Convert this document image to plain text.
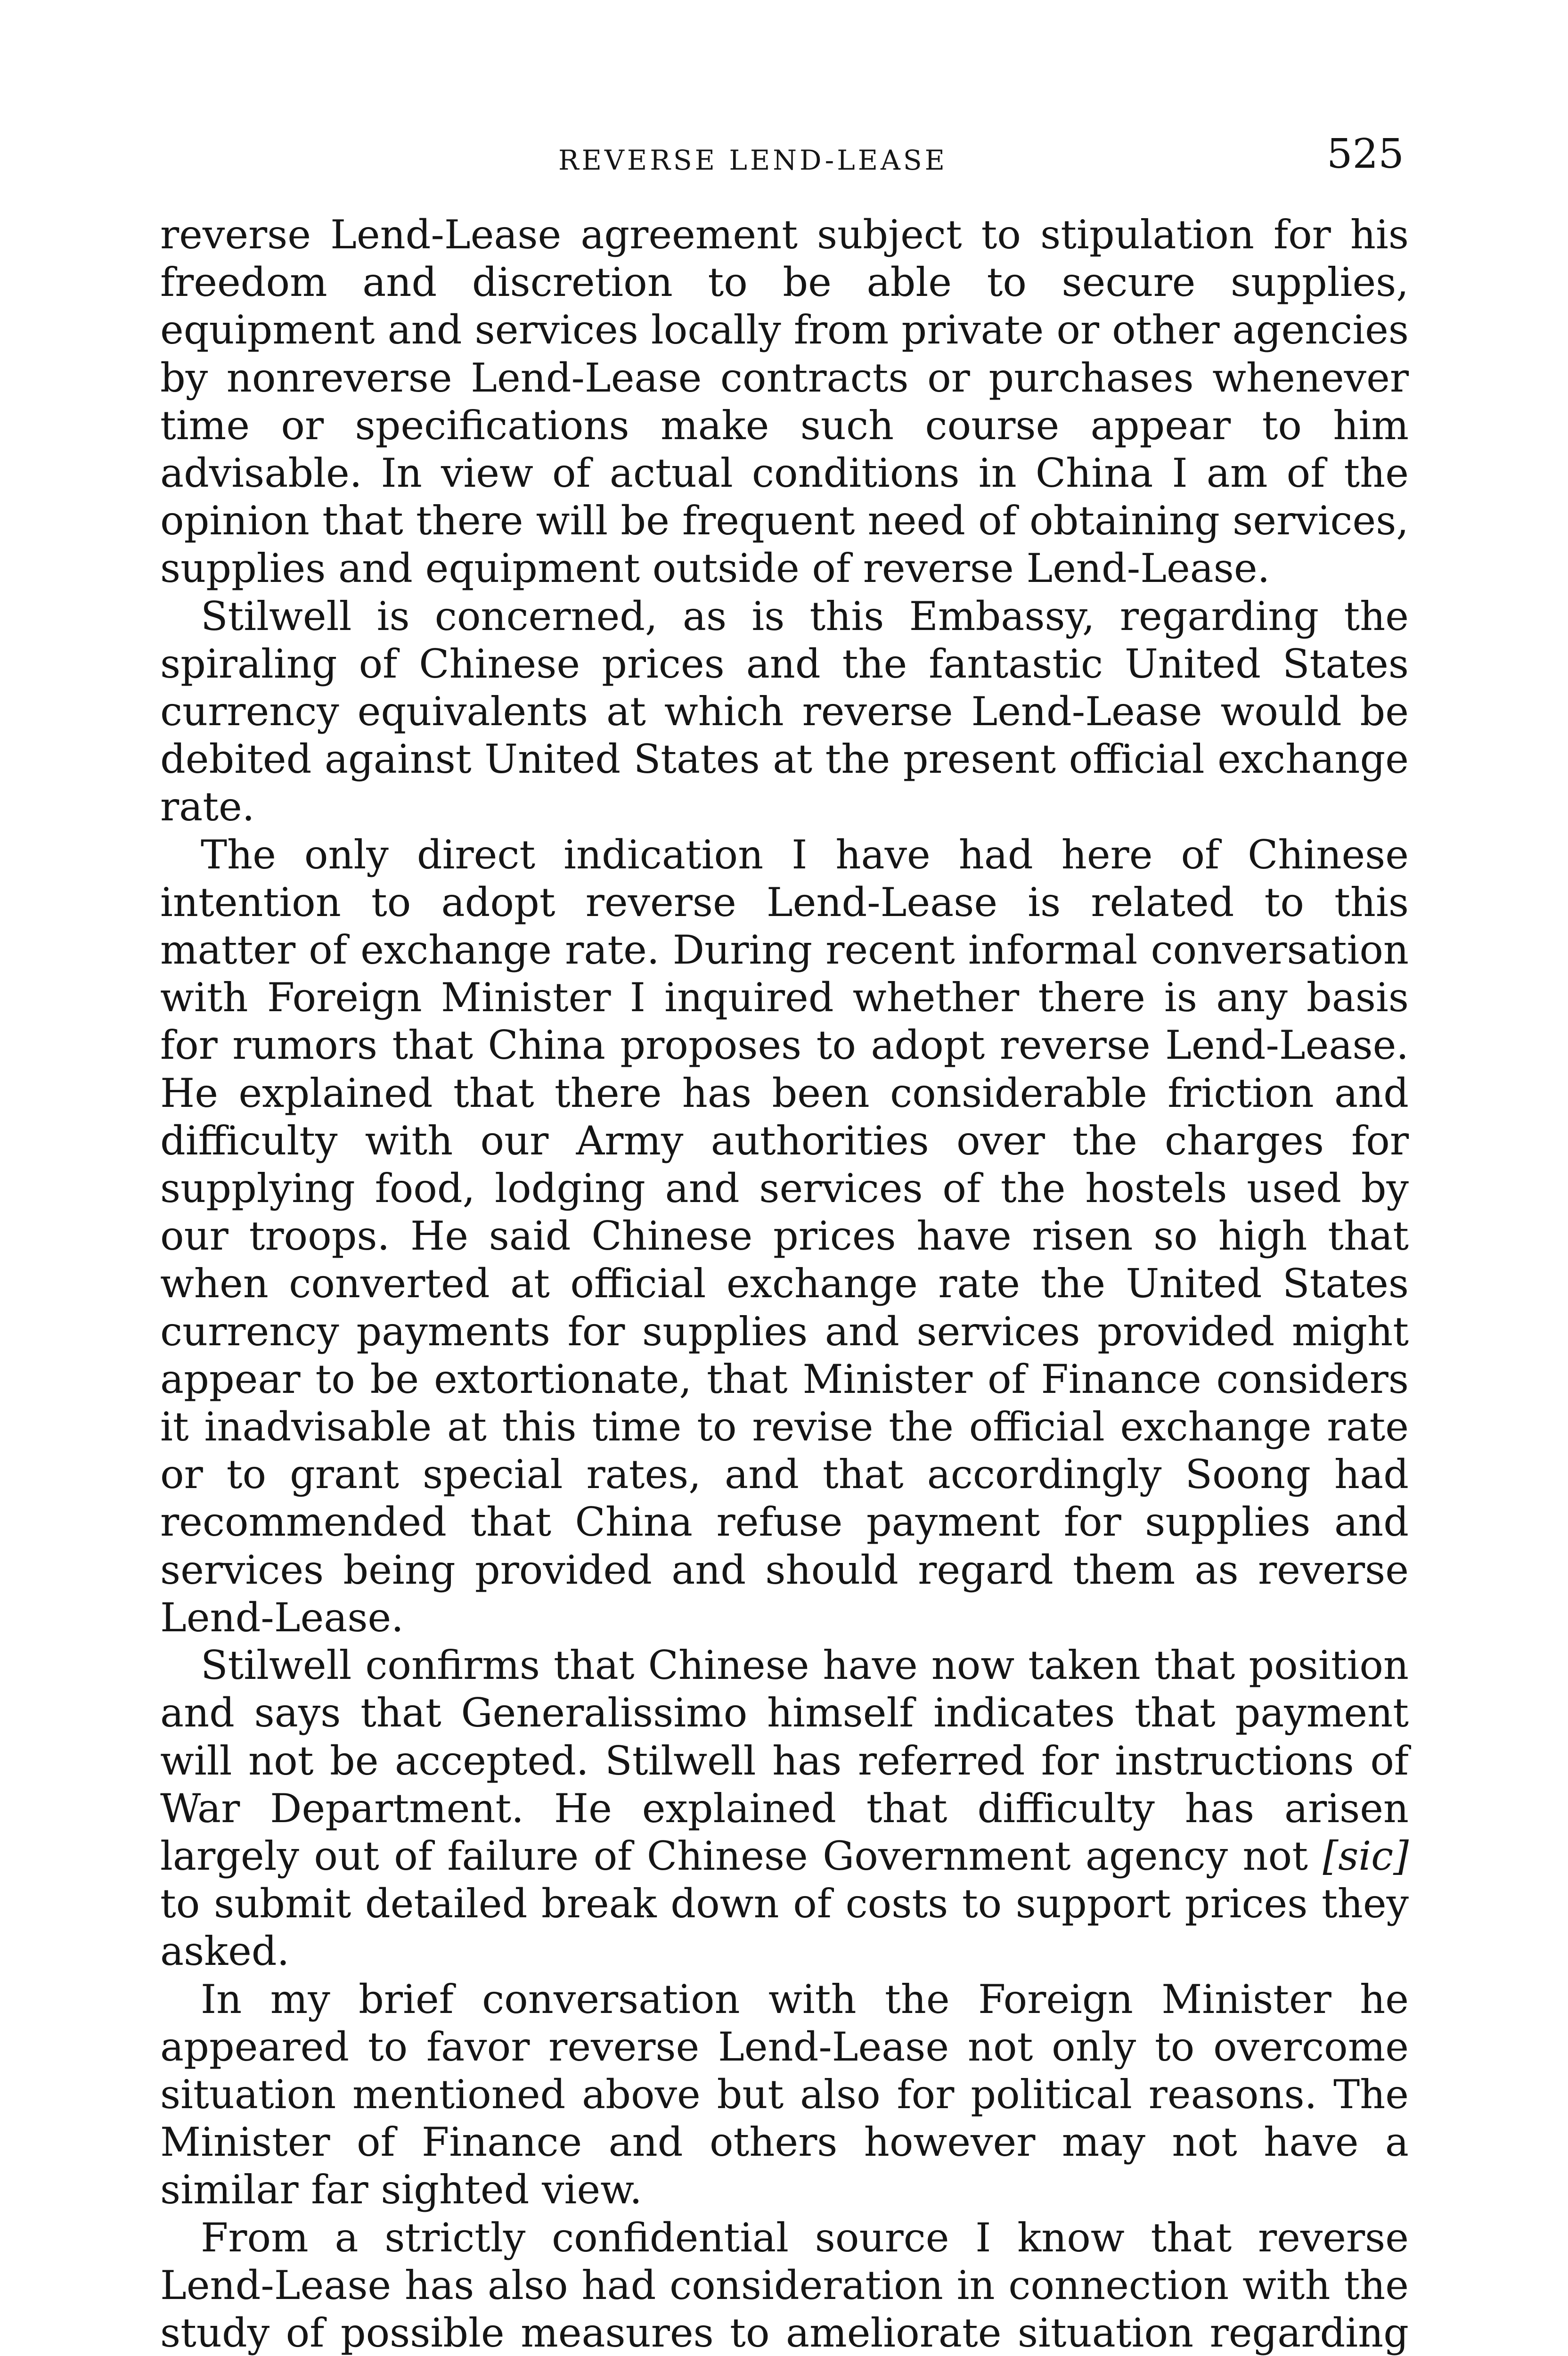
REVERSE LEND-LEASE	525

reverse Lend-Lease agreement subject to stipulation for his freedom and discretion to be able to secure supplies, equipment and services locally from private or other agencies by nonreverse Lend-Lease contracts or purchases whenever time or specifications make such course appear to him advisable. In view of actual conditions in China I am of the opinion that there will be frequent need of obtaining services, supplies and equipment outside of reverse Lend-Lease.

Stilwell is concerned, as is this Embassy, regarding the spiraling of Chinese prices and the fantastic United States currency equivalents at which reverse Lend-Lease would be debited against United States at the present official exchange rate.

The only direct indication I have had here of Chinese intention to adopt reverse Lend-Lease is related to this matter of exchange rate. During recent informal conversation with Foreign Minister I inquired whether there is any basis for rumors that China proposes to adopt reverse Lend-Lease. He explained that there has been considerable friction and difficulty with our Army authorities over the charges for supplying food, lodging and services of the hostels used by our troops. He said Chinese prices have risen so high that when converted at official exchange rate the United States currency payments for supplies and services provided might appear to be extortionate, that Minister of Finance considers it inadvisable at this time to revise the official exchange rate or to grant special rates, and that accordingly Soong had recommended that China refuse payment for supplies and services being provided and should regard them as reverse Lend-Lease.

Stilwell confirms that Chinese have now taken that position and says that Generalissimo himself indicates that payment will not be accepted. Stilwell has referred for instructions of War Department. He explained that difficulty has arisen largely out of failure of Chinese Government agency not [sic] to submit detailed break down of costs to support prices they asked.

In my brief conversation with the Foreign Minister he appeared to favor reverse Lend-Lease not only to overcome situation mentioned above but also for political reasons. The Minister of Finance and others however may not have a similar far sighted view.

From a strictly confidential source I know that reverse Lend-Lease has also had consideration in connection with the study of possible measures to ameliorate situation regarding
